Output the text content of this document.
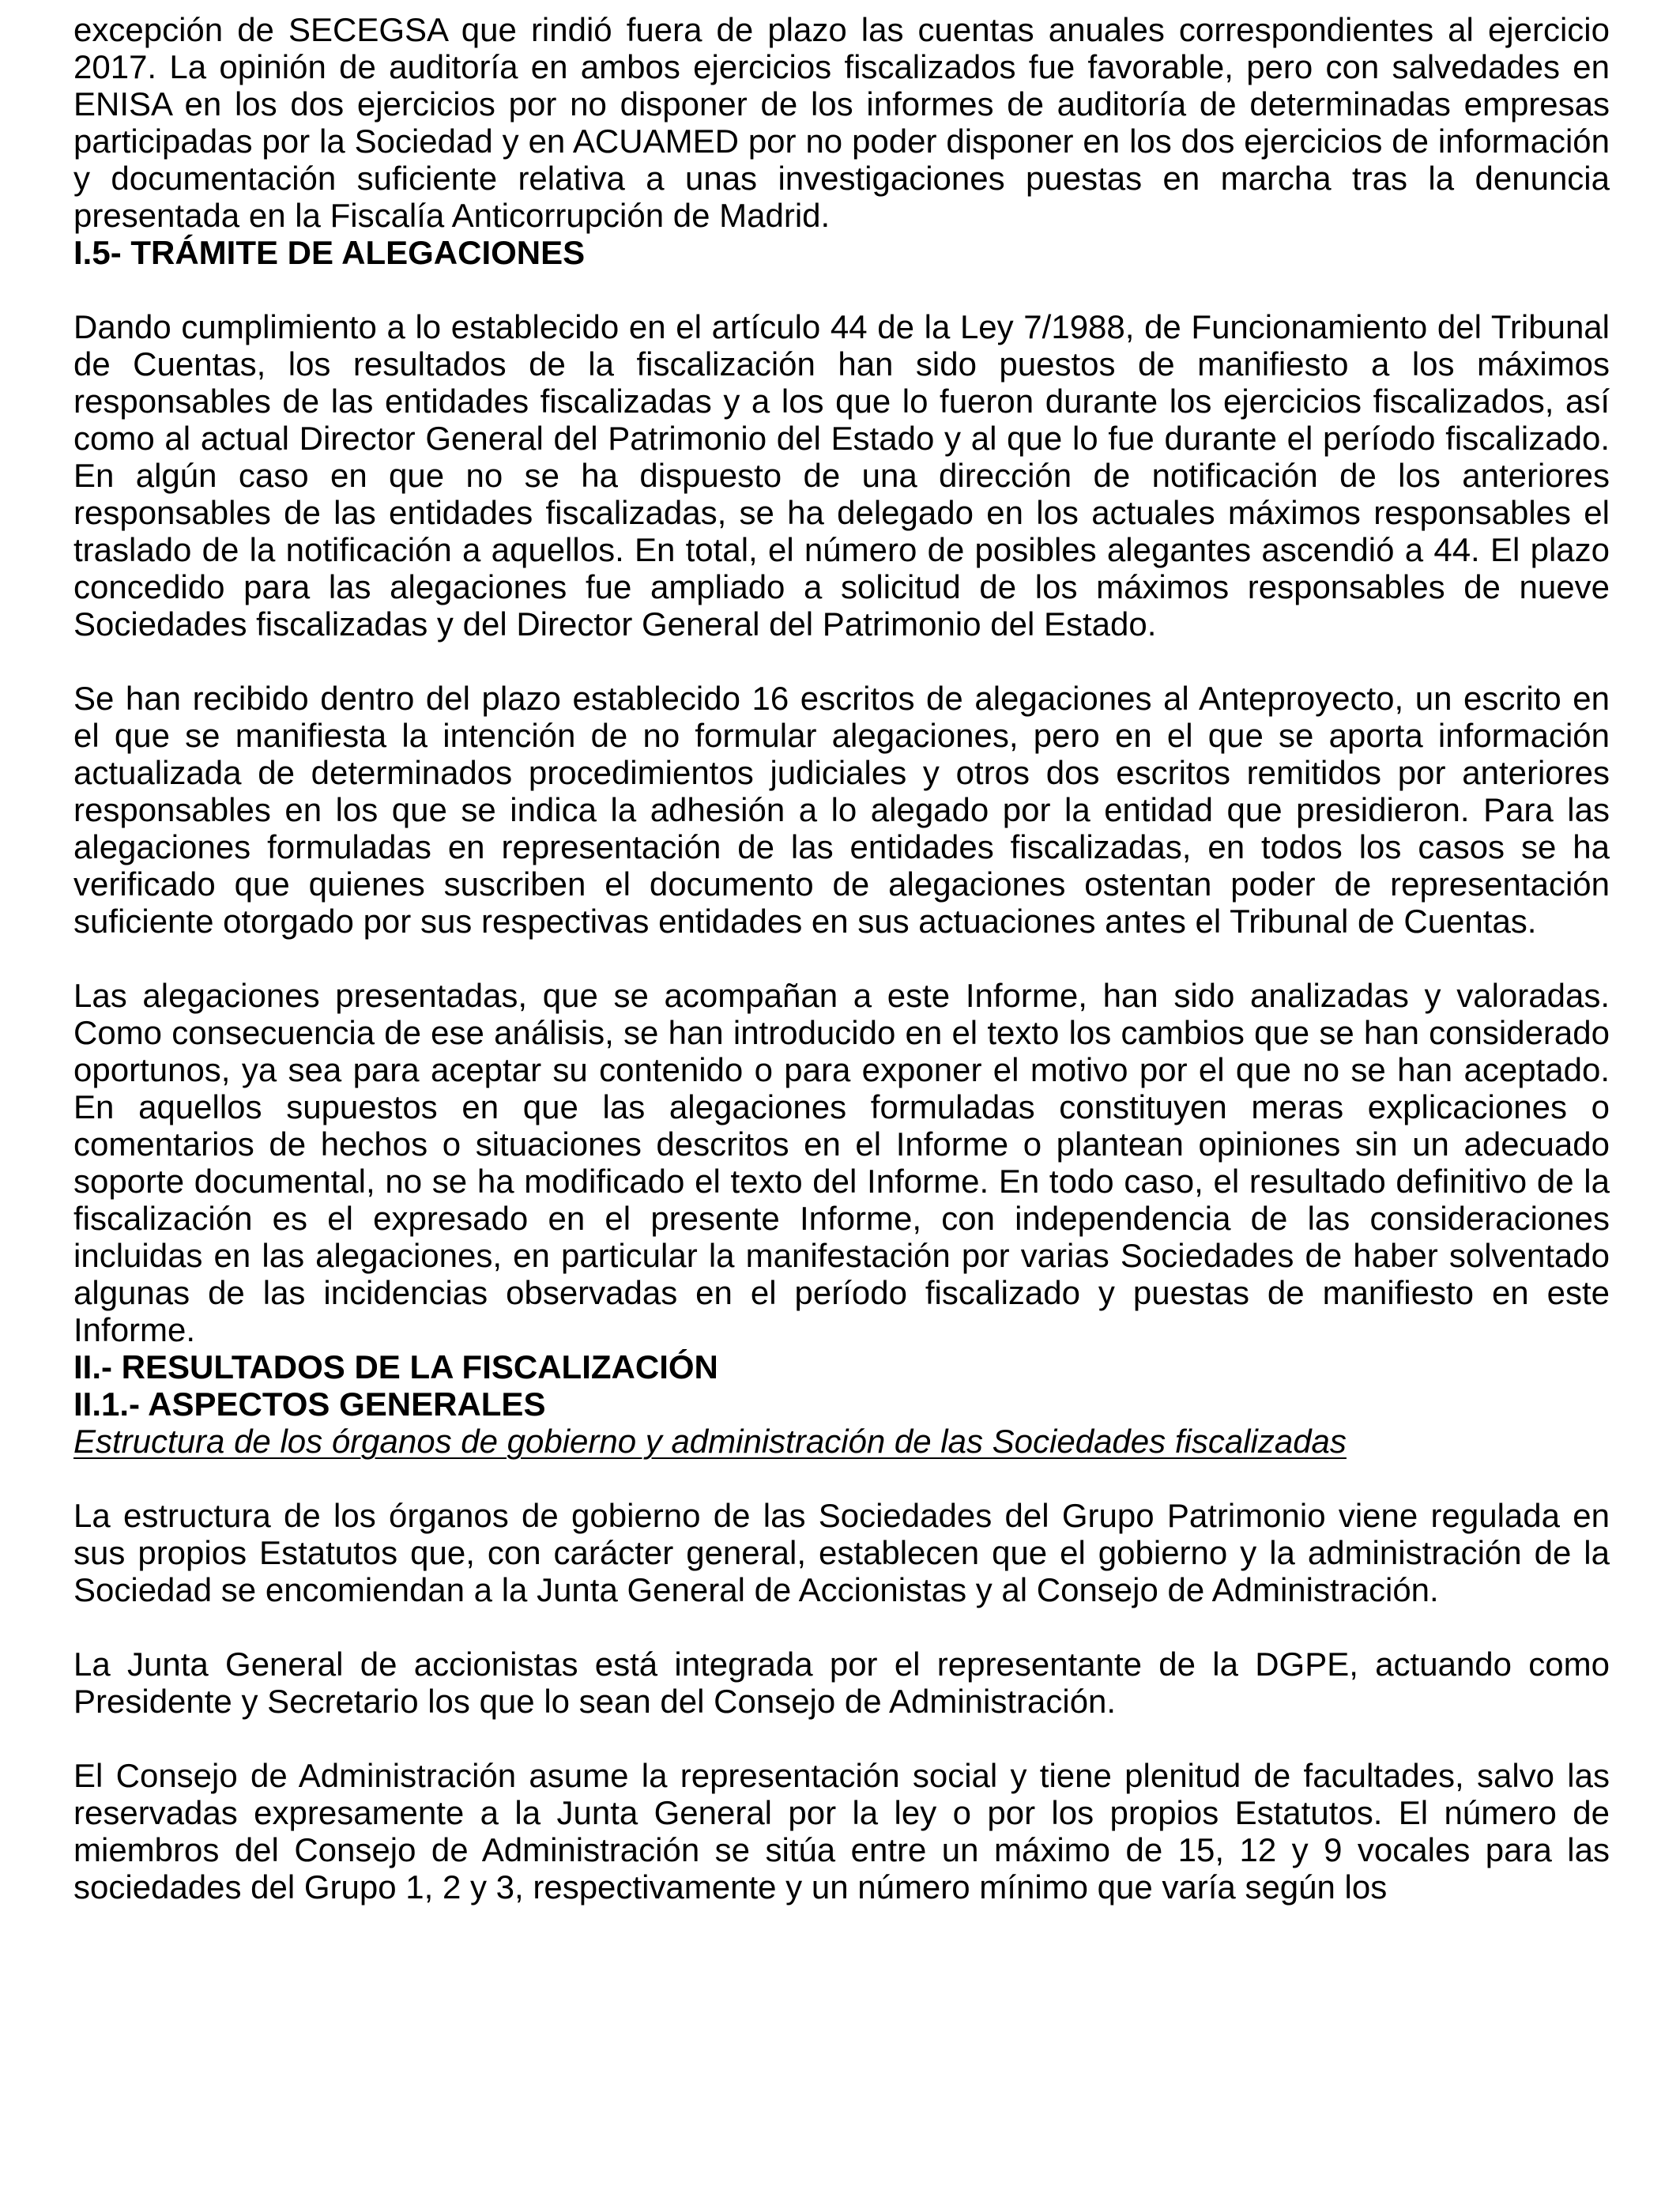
excepción de SECEGSA que rindió fuera de plazo las cuentas anuales correspondientes al ejercicio 2017. La opinión de auditoría en ambos ejercicios fiscalizados fue favorable, pero con salvedades en ENISA en los dos ejercicios por no disponer de los informes de auditoría de determinadas empresas participadas por la Sociedad y en ACUAMED por no poder disponer en los dos ejercicios de información y documentación suficiente relativa a unas investigaciones puestas en marcha tras la denuncia presentada en la Fiscalía Anticorrupción de Madrid.

I.5- TRÁMITE DE ALEGACIONES

Dando cumplimiento a lo establecido en el artículo 44 de la Ley 7/1988, de Funcionamiento del Tribunal de Cuentas, los resultados de la fiscalización han sido puestos de manifiesto a los máximos responsables de las entidades fiscalizadas y a los que lo fueron durante los ejercicios fiscalizados, así como al actual Director General del Patrimonio del Estado y al que lo fue durante el período fiscalizado. En algún caso en que no se ha dispuesto de una dirección de notificación de los anteriores responsables de las entidades fiscalizadas, se ha delegado en los actuales máximos responsables el traslado de la notificación a aquellos. En total, el número de posibles alegantes ascendió a 44. El plazo concedido para las alegaciones fue ampliado a solicitud de los máximos responsables de nueve Sociedades fiscalizadas y del Director General del Patrimonio del Estado.

Se han recibido dentro del plazo establecido 16 escritos de alegaciones al Anteproyecto, un escrito en el que se manifiesta la intención de no formular alegaciones, pero en el que se aporta información actualizada de determinados procedimientos judiciales y otros dos escritos remitidos por anteriores responsables en los que se indica la adhesión a lo alegado por la entidad que presidieron. Para las alegaciones formuladas en representación de las entidades fiscalizadas, en todos los casos se ha verificado que quienes suscriben el documento de alegaciones ostentan poder de representación suficiente otorgado por sus respectivas entidades en sus actuaciones antes el Tribunal de Cuentas.

Las alegaciones presentadas, que se acompañan a este Informe, han sido analizadas y valoradas. Como consecuencia de ese análisis, se han introducido en el texto los cambios que se han considerado oportunos, ya sea para aceptar su contenido o para exponer el motivo por el que no se han aceptado. En aquellos supuestos en que las alegaciones formuladas constituyen meras explicaciones o comentarios de hechos o situaciones descritos en el Informe o plantean opiniones sin un adecuado soporte documental, no se ha modificado el texto del Informe. En todo caso, el resultado definitivo de la fiscalización es el expresado en el presente Informe, con independencia de las consideraciones incluidas en las alegaciones, en particular la manifestación por varias Sociedades de haber solventado algunas de las incidencias observadas en el período fiscalizado y puestas de manifiesto en este Informe.

II.- RESULTADOS DE LA FISCALIZACIÓN
II.1.- ASPECTOS GENERALES

Estructura de los órganos de gobierno y administración de las Sociedades fiscalizadas

La estructura de los órganos de gobierno de las Sociedades del Grupo Patrimonio viene regulada en sus propios Estatutos que, con carácter general, establecen que el gobierno y la administración de la Sociedad se encomiendan a la Junta General de Accionistas y al Consejo de Administración.

La Junta General de accionistas está integrada por el representante de la DGPE, actuando como Presidente y Secretario los que lo sean del Consejo de Administración.

El Consejo de Administración asume la representación social y tiene plenitud de facultades, salvo las reservadas expresamente a la Junta General por la ley o por los propios Estatutos. El número de miembros del Consejo de Administración se sitúa entre un máximo de 15, 12 y 9 vocales para las sociedades del Grupo 1, 2 y 3, respectivamente y un número mínimo que varía según los
